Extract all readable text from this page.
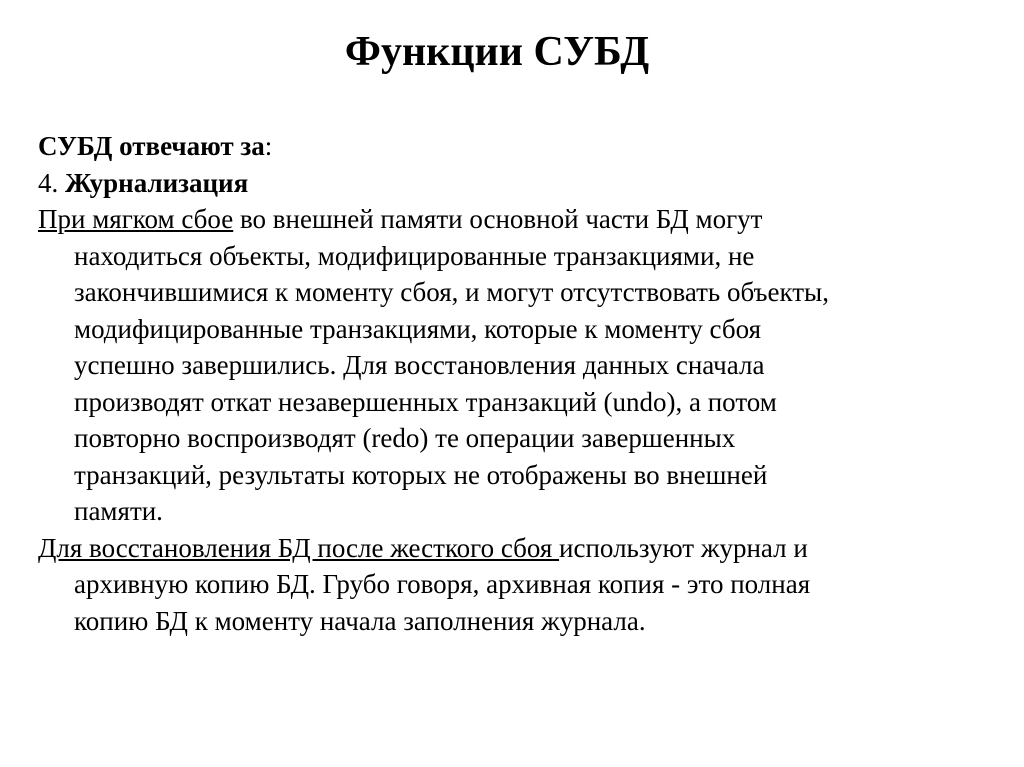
Функции СУБД
СУБД отвечают за:
4. Журнализация
При мягком сбое во внешней памяти основной части БД могут
находиться объекты, модифицированные транзакциями, не
закончившимися к моменту сбоя, и могут отсутствовать объекты,
модифицированные транзакциями, которые к моменту сбоя
успешно завершились. Для восстановления данных сначала
производят откат незавершенных транзакций (undo), а потом
повторно воспроизводят (redo) те операции завершенных
транзакций, результаты которых не отображены во внешней
памяти.
Для восстановления БД после жесткого сбоя используют журнал и
архивную копию БД. Грубо говоря, архивная копия - это полная
копию БД к моменту начала заполнения журнала.
